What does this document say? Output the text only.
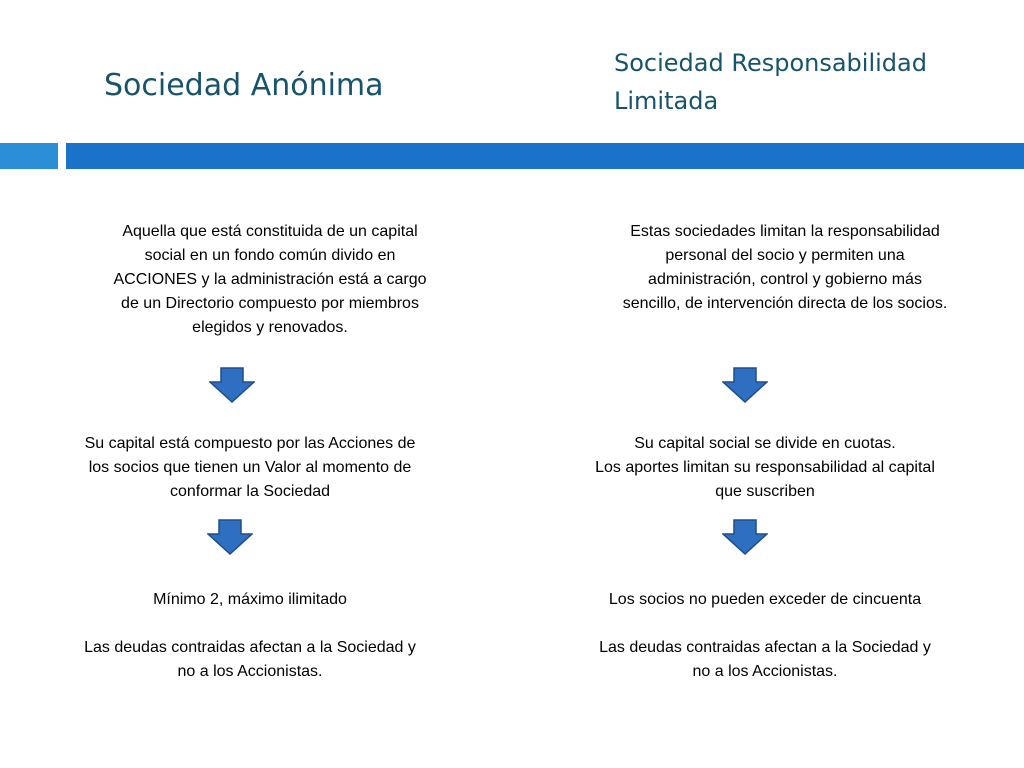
Sociedad Anónima
Sociedad Responsabilidad
Limitada

Aquella que está constituida de un capital
social en un fondo común divido en
ACCIONES y la administración está a cargo
de un Directorio compuesto por miembros
elegidos y renovados.

Su capital está compuesto por las Acciones de
los socios que tienen un Valor al momento de
conformar la Sociedad

Mínimo 2, máximo ilimitado

Las deudas contraidas afectan a la Sociedad y
no a los Accionistas.

Estas sociedades limitan la responsabilidad
personal del socio y permiten una
administración, control y gobierno más
sencillo, de intervención directa de los socios.

Su capital social se divide en cuotas.
Los aportes limitan su responsabilidad al capital
que suscriben

Los socios no pueden exceder de cincuenta

Las deudas contraidas afectan a la Sociedad y
no a los Accionistas.
